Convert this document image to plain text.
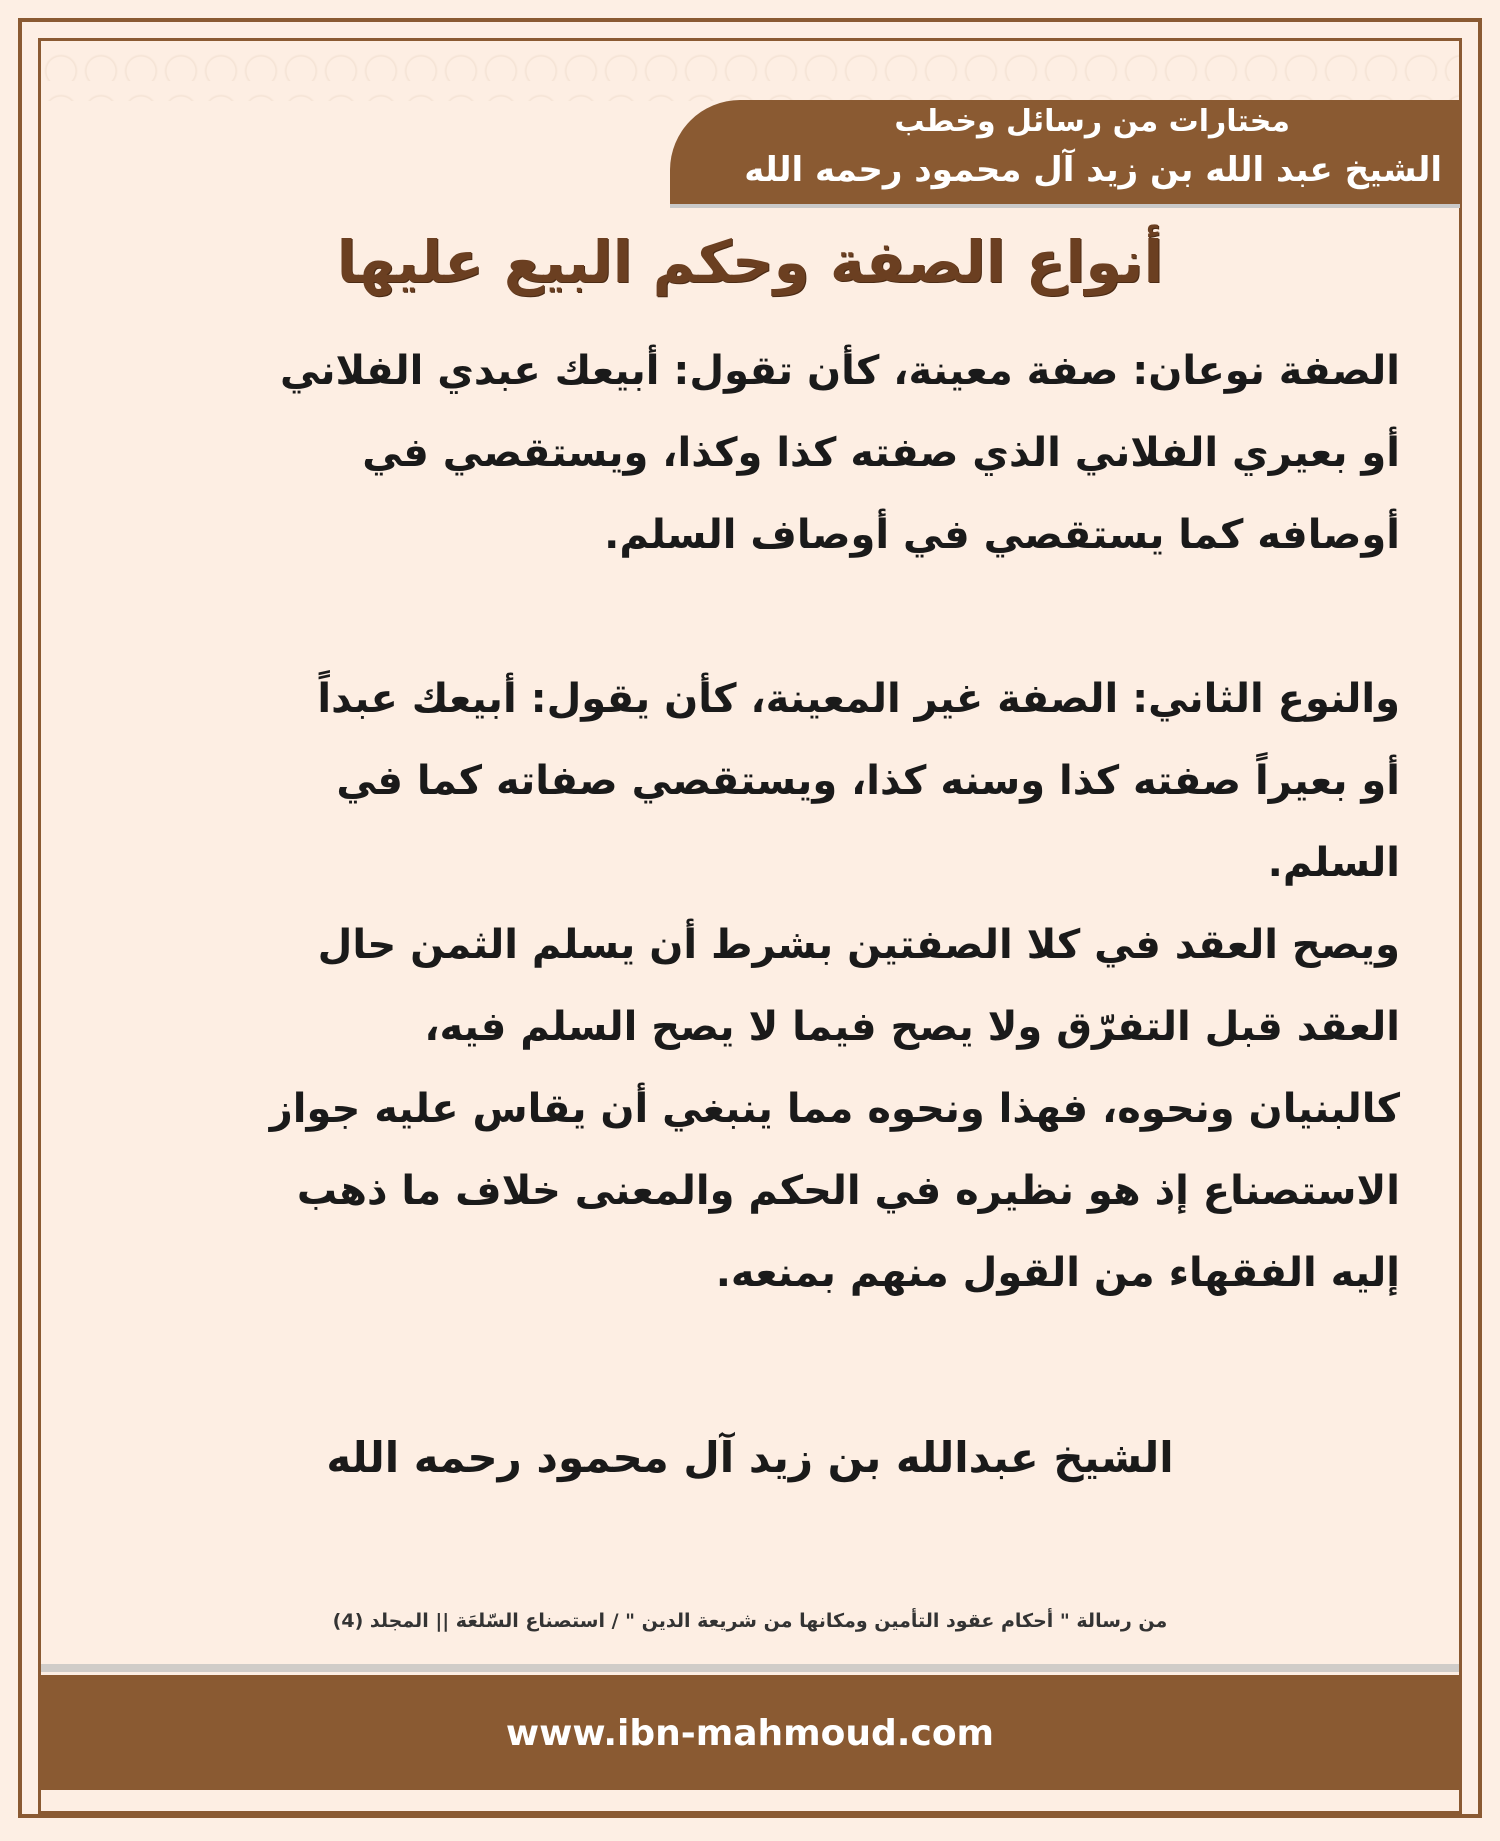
مختارات من رسائل وخطب
الشيخ عبد الله بن زيد آل محمود رحمه الله
أنواع الصفة وحكم البيع عليها

الصفة نوعان: صفة معينة، كأن تقول: أبيعك عبدي الفلاني

أو بعيري الفلاني الذي صفته كذا وكذا، ويستقصي في

أوصافه كما يستقصي في أوصاف السلم.

والنوع الثاني: الصفة غير المعينة، كأن يقول: أبيعك عبداً

أو بعيراً صفته كذا وسنه كذا، ويستقصي صفاته كما في

السلم.

ويصح العقد في كلا الصفتين بشرط أن يسلم الثمن حال

العقد قبل التفرّق ولا يصح فيما لا يصح السلم فيه،

كالبنيان ونحوه، فهذا ونحوه مما ينبغي أن يقاس عليه جواز

الاستصناع إذ هو نظيره في الحكم والمعنى خلاف ما ذهب

إليه الفقهاء من القول منهم بمنعه.

الشيخ عبدالله بن زيد آل محمود رحمه الله
من رسالة " أحكام عقود التأمين ومكانها من شريعة الدين " / استصناع السّلعَة || المجلد (4)
www.ibn-mahmoud.com
